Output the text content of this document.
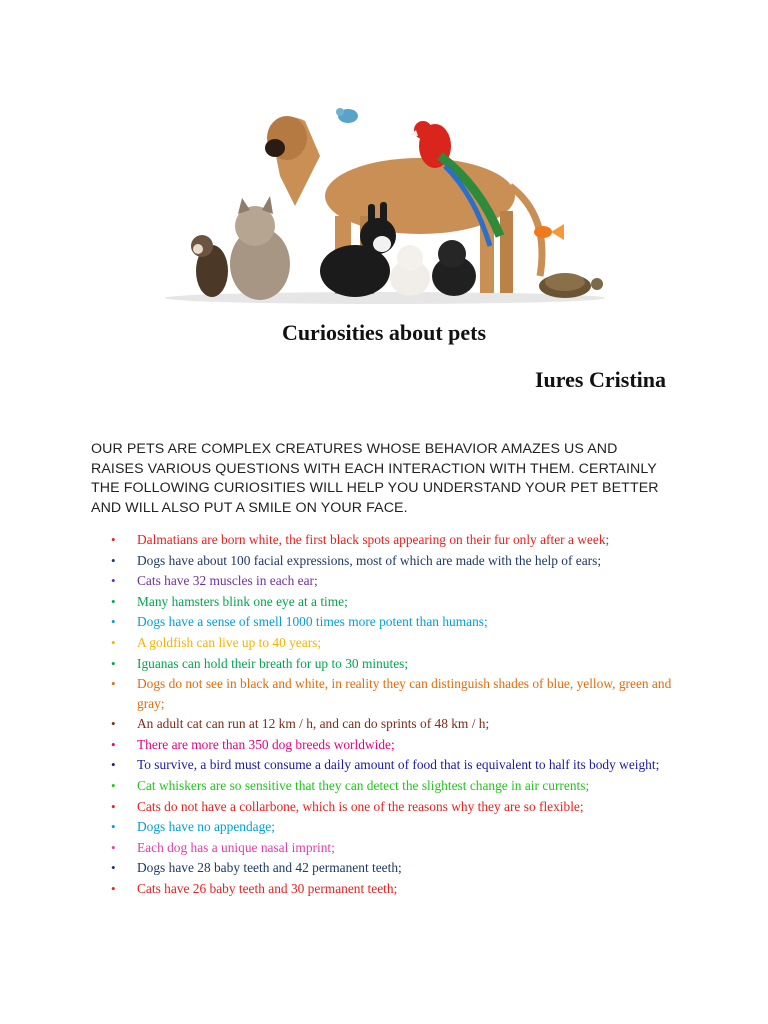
Curiosities about pets
Iures Cristina
OUR PETS ARE COMPLEX CREATURES WHOSE BEHAVIOR AMAZES US AND RAISES VARIOUS QUESTIONS WITH EACH INTERACTION WITH THEM. CERTAINLY THE FOLLOWING CURIOSITIES WILL HELP YOU UNDERSTAND YOUR PET BETTER AND WILL ALSO PUT A SMILE ON YOUR FACE.
• Dalmatians are born white, the first black spots appearing on their fur only after a week;
• Dogs have about 100 facial expressions, most of which are made with the help of ears;
• Cats have 32 muscles in each ear;
• Many hamsters blink one eye at a time;
• Dogs have a sense of smell 1000 times more potent than humans;
• A goldfish can live up to 40 years;
• Iguanas can hold their breath for up to 30 minutes;
• Dogs do not see in black and white, in reality they can distinguish shades of blue, yellow, green and gray;
• An adult cat can run at 12 km / h, and can do sprints of 48 km / h;
• There are more than 350 dog breeds worldwide;
• To survive, a bird must consume a daily amount of food that is equivalent to half its body weight;
• Cat whiskers are so sensitive that they can detect the slightest change in air currents;
• Cats do not have a collarbone, which is one of the reasons why they are so flexible;
• Dogs have no appendage;
• Each dog has a unique nasal imprint;
• Dogs have 28 baby teeth and 42 permanent teeth;
• Cats have 26 baby teeth and 30 permanent teeth;
